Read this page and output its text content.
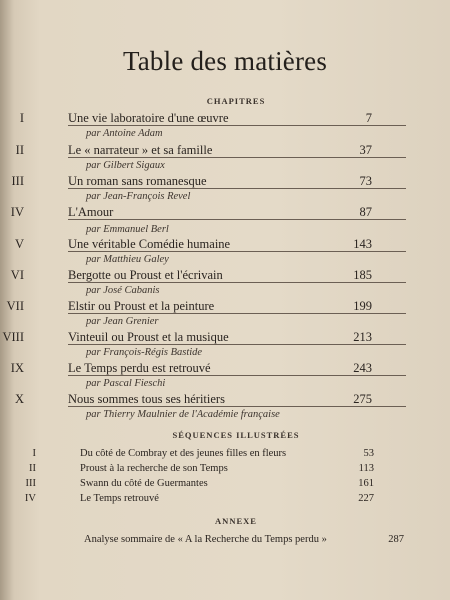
Table des matières
CHAPITRES
I	Une vie laboratoire d'une œuvre	7
par Antoine Adam
II	Le « narrateur » et sa famille	37
par Gilbert Sigaux
III	Un roman sans romanesque	73
par Jean-François Revel
IV	L'Amour	87
par Emmanuel Berl
V	Une véritable Comédie humaine	143
par Matthieu Galey
VI	Bergotte ou Proust et l'écrivain	185
par José Cabanis
VII	Elstir ou Proust et la peinture	199
par Jean Grenier
VIII	Vinteuil ou Proust et la musique	213
par François-Régis Bastide
IX	Le Temps perdu est retrouvé	243
par Pascal Fieschi
X	Nous sommes tous ses héritiers	275
par Thierry Maulnier de l'Académie française
SÉQUENCES ILLUSTRÉES
I	Du côté de Combray et des jeunes filles en fleurs	53
II	Proust à la recherche de son Temps	113
III	Swann du côté de Guermantes	161
IV	Le Temps retrouvé	227
ANNEXE
Analyse sommaire de « A la Recherche du Temps perdu »	287
